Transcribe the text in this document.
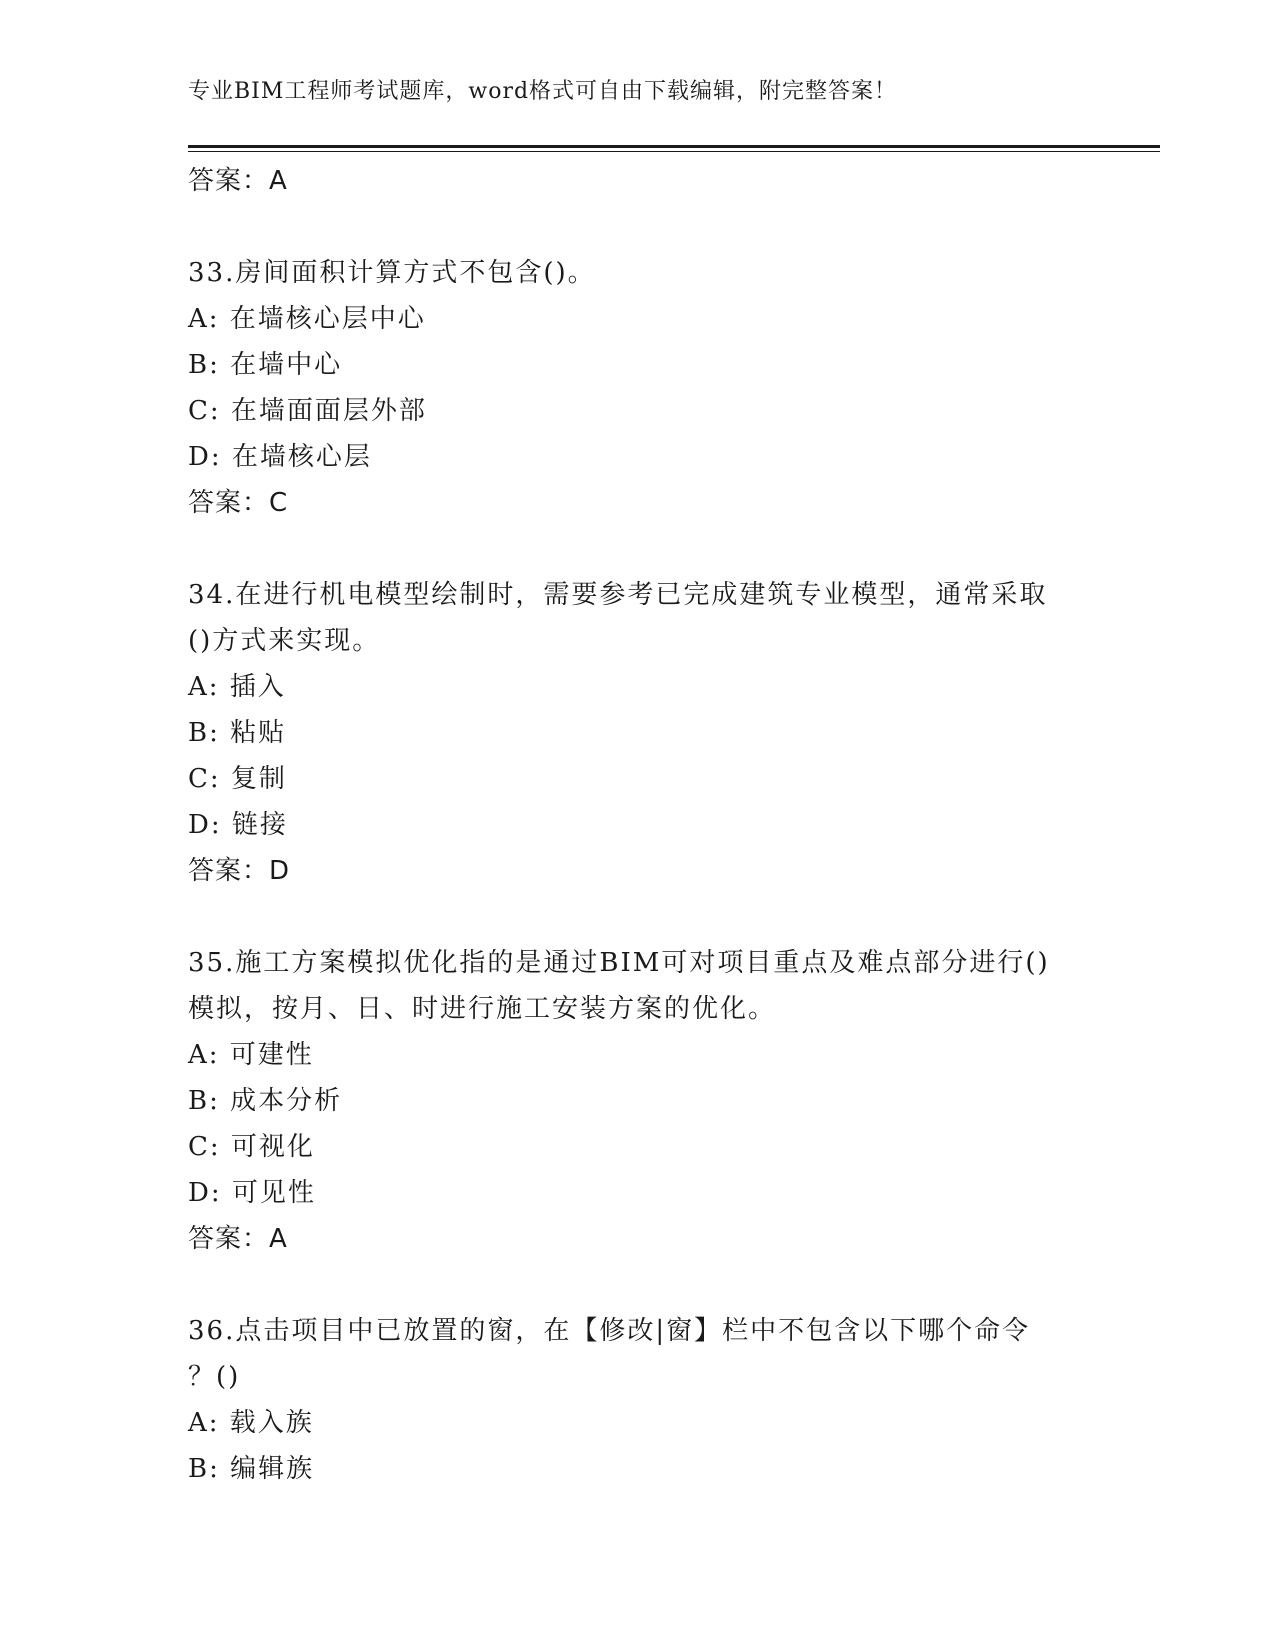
专业BIM工程师考试题库，word格式可自由下载编辑，附完整答案！
答案：A
33.房间面积计算方式不包含()。
A: 在墙核心层中心
B: 在墙中心
C: 在墙面面层外部
D: 在墙核心层
答案：C
34.在进行机电模型绘制时，需要参考已完成建筑专业模型，通常采取
()方式来实现。
A: 插入
B: 粘贴
C: 复制
D: 链接
答案：D
35.施工方案模拟优化指的是通过BIM可对项目重点及难点部分进行()
模拟，按月、日、时进行施工安装方案的优化。
A: 可建性
B: 成本分析
C: 可视化
D: 可见性
答案：A
36.点击项目中已放置的窗，在【修改|窗】栏中不包含以下哪个命令
？()
A: 载入族
B: 编辑族
